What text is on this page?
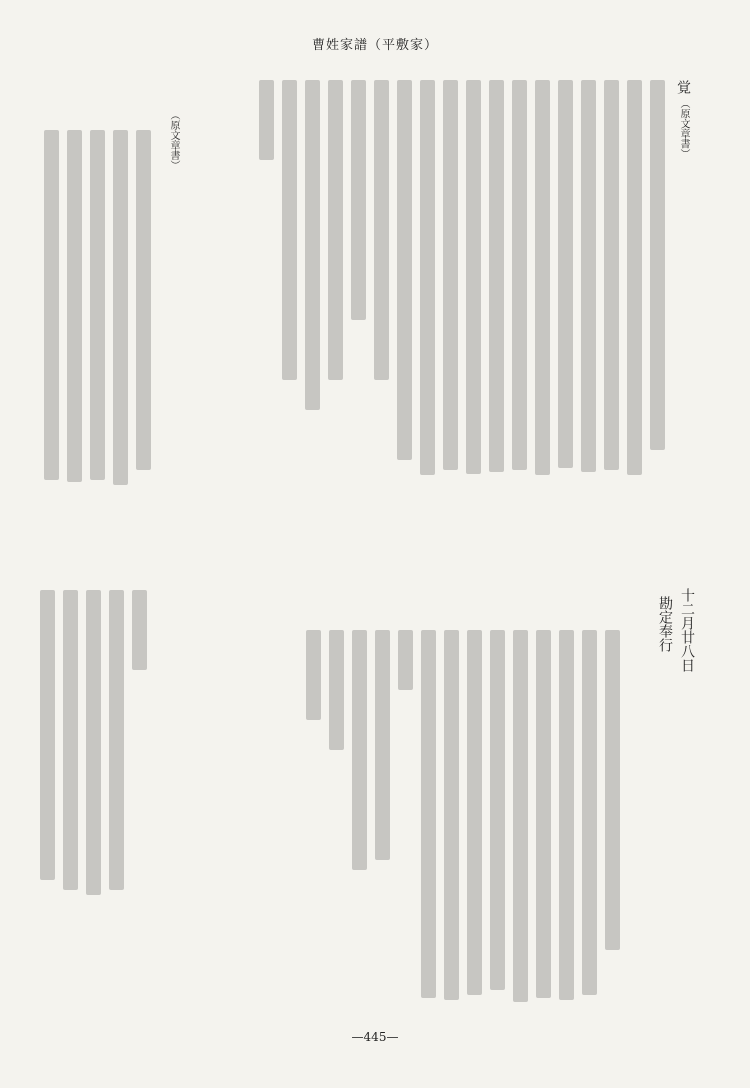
曹姓家譜（平敷家）
覚 （原文章書）
（原文章書）
勘定奉行 十二月廿八日
—445—
